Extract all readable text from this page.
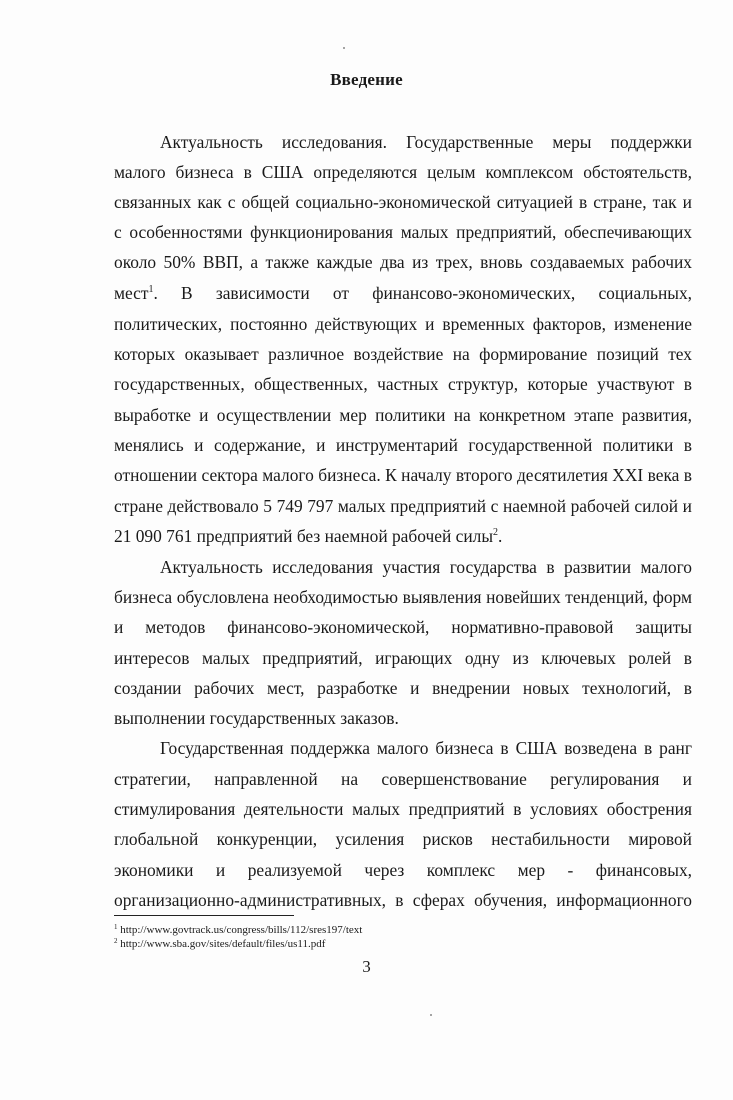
Введение
Актуальность исследования. Государственные меры поддержки
малого бизнеса в США определяются целым комплексом обстоятельств,
связанных как с общей социально-экономической ситуацией в стране, так и
с особенностями функционирования малых предприятий, обеспечивающих
около 50% ВВП, а также каждые два из трех, вновь создаваемых рабочих
мест$^1$. В зависимости от финансово-экономических, социальных,
политических, постоянно действующих и временных факторов, изменение
которых оказывает различное воздействие на формирование позиций тех
государственных, общественных, частных структур, которые участвуют в
выработке и осуществлении мер политики на конкретном этапе развития,
менялись и содержание, и инструментарий государственной политики в
отношении сектора малого бизнеса. К началу второго десятилетия XXI века в
стране действовало 5 749 797 малых предприятий с наемной рабочей силой и
21 090 761 предприятий без наемной рабочей силы$^2$.
Актуальность исследования участия государства в развитии малого
бизнеса обусловлена необходимостью выявления новейших тенденций, форм
и методов финансово-экономической, нормативно-правовой защиты
интересов малых предприятий, играющих одну из ключевых ролей в
создании рабочих мест, разработке и внедрении новых технологий, в
выполнении государственных заказов.
Государственная поддержка малого бизнеса в США возведена в ранг
стратегии, направленной на совершенствование регулирования и
стимулирования деятельности малых предприятий в условиях обострения
глобальной конкуренции, усиления рисков нестабильности мировой
экономики и реализуемой через комплекс мер - финансовых,
организационно-административных, в сферах обучения, информационного
$^1$ http://www.govtrack.us/congress/bills/112/sres197/text
$^2$ http://www.sba.gov/sites/default/files/us11.pdf
3
